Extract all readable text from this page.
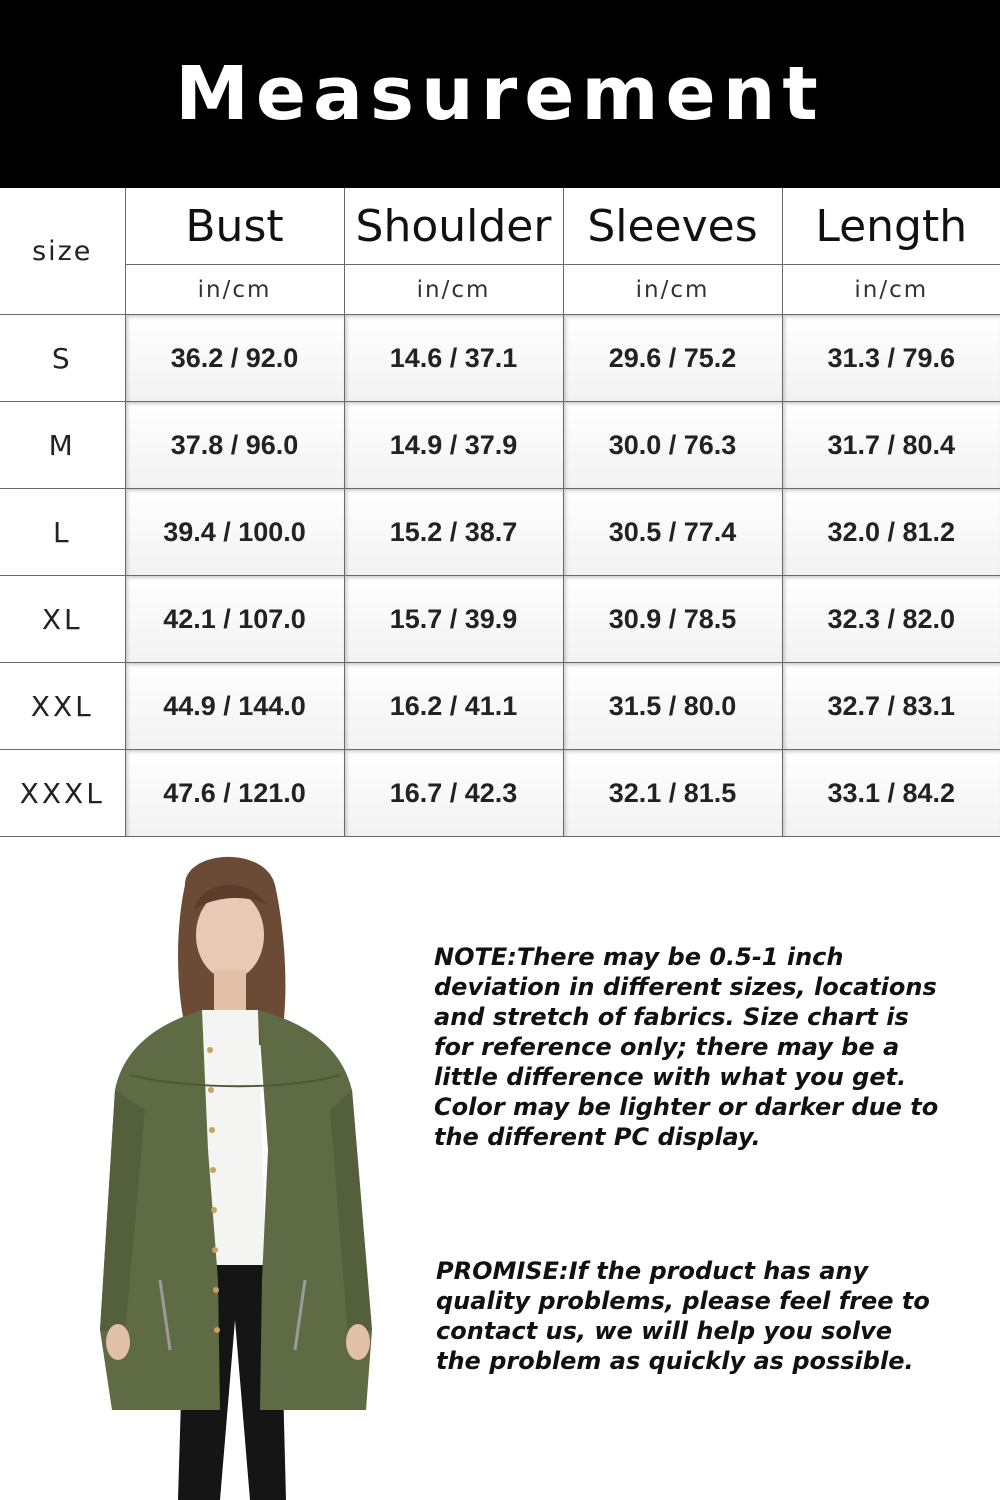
Measurement
size	Bust	Shoulder	Sleeves	Length
	in/cm	in/cm	in/cm	in/cm
S	36.2 / 92.0	14.6 / 37.1	29.6 / 75.2	31.3 / 79.6
M	37.8 / 96.0	14.9 / 37.9	30.0 / 76.3	31.7 / 80.4
L	39.4 / 100.0	15.2 / 38.7	30.5 / 77.4	32.0 / 81.2
XL	42.1 / 107.0	15.7 / 39.9	30.9 / 78.5	32.3 / 82.0
XXL	44.9 / 144.0	16.2 / 41.1	31.5 / 80.0	32.7 / 83.1
XXXL	47.6 / 121.0	16.7 / 42.3	32.1 / 81.5	33.1 / 84.2

NOTE:There may be 0.5-1 inch deviation in different sizes, locations and stretch of fabrics. Size chart is for reference only; there may be a little difference with what you get. Color may be lighter or darker due to the different PC display.

PROMISE:If the product has any quality problems, please feel free to contact us, we will help you solve the problem as quickly as possible.
